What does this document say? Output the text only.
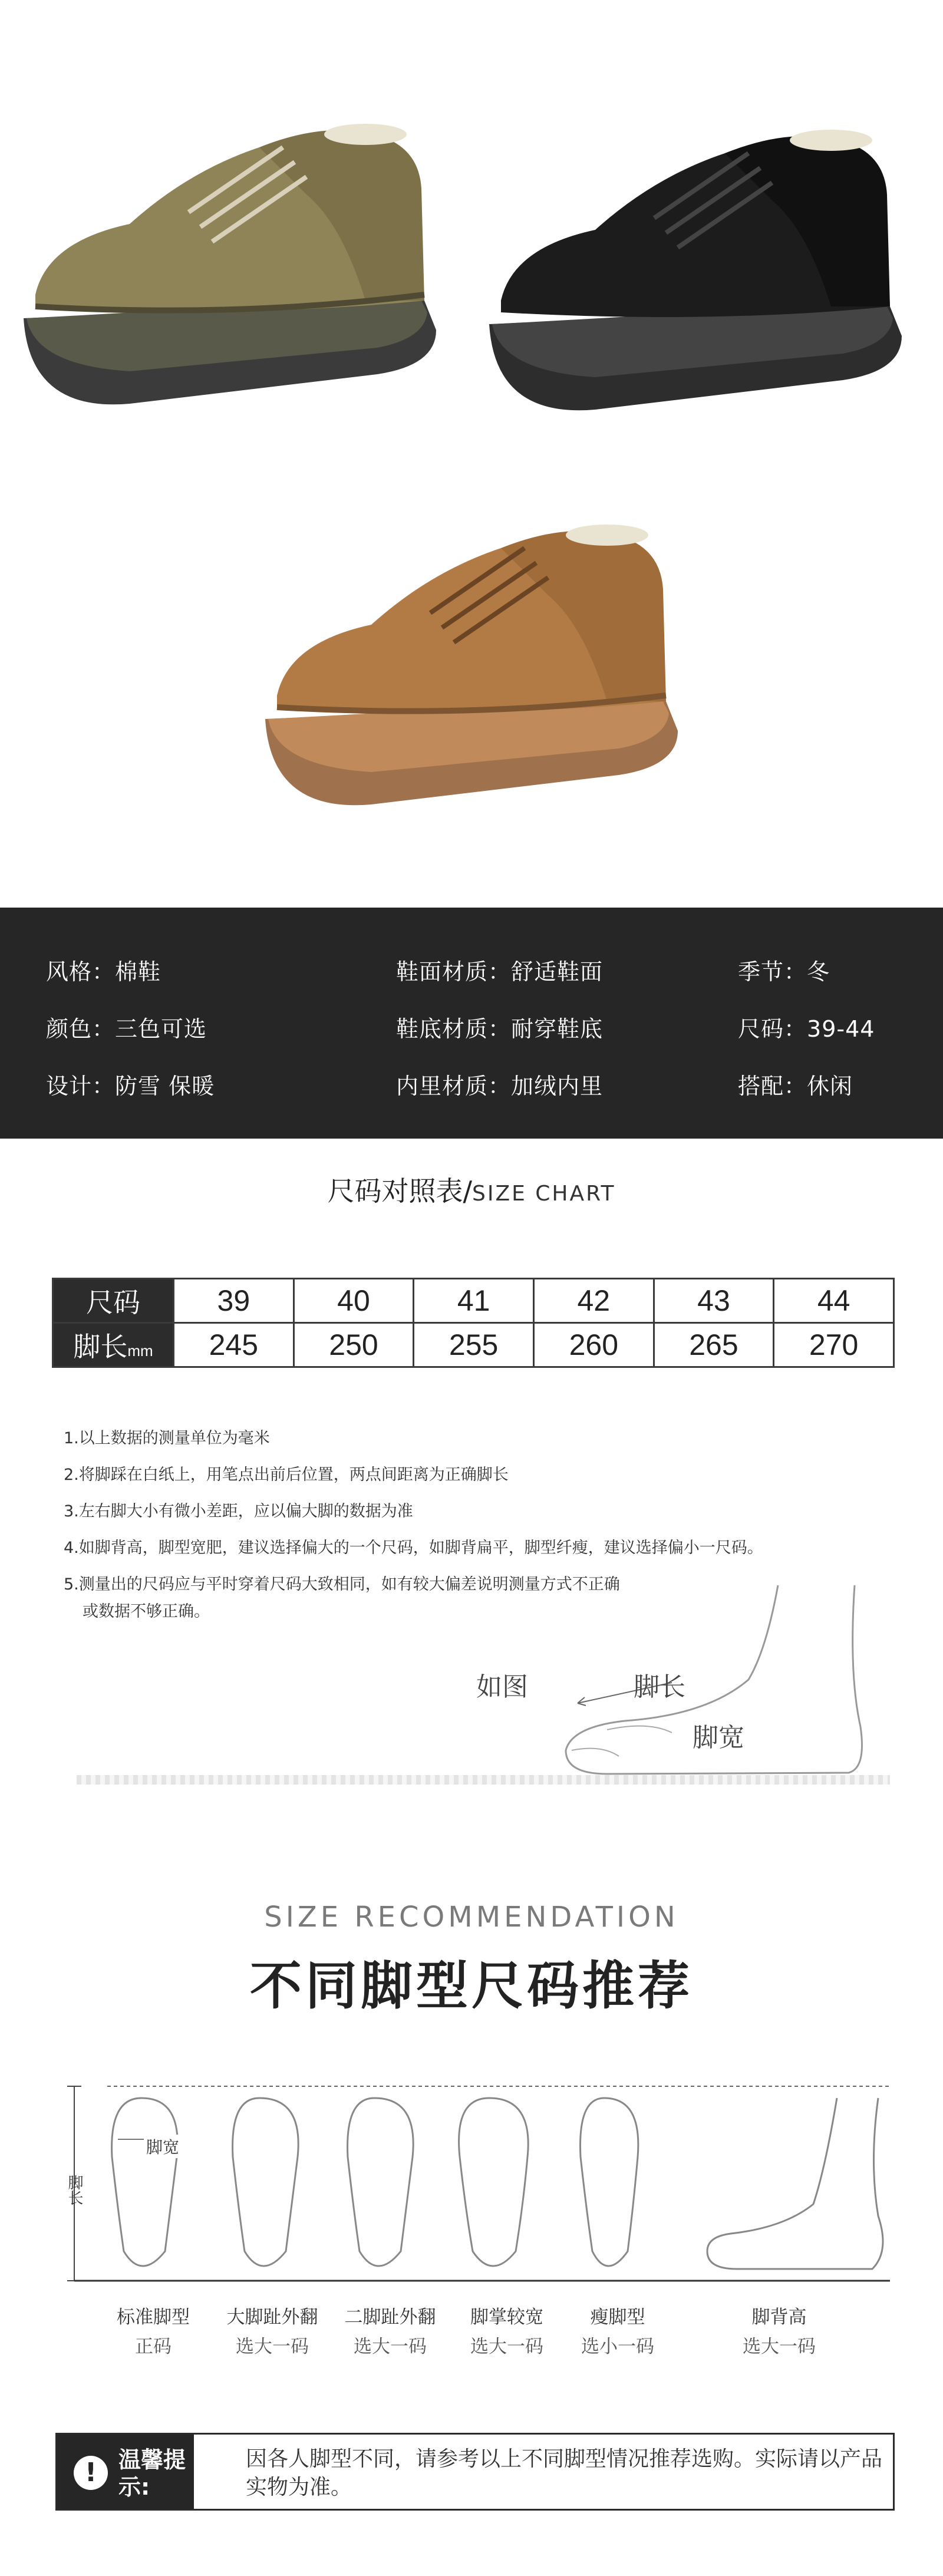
风格：棉鞋	鞋面材质：舒适鞋面	季节：冬
颜色：三色可选	鞋底材质：耐穿鞋底	尺码：39-44
设计：防雪 保暖	内里材质：加绒内里	搭配：休闲
尺码对照表/SIZE CHART
尺码	39	40	41	42	43	44
脚长mm	245	250	255	260	265	270
1.以上数据的测量单位为毫米
2.将脚踩在白纸上，用笔点出前后位置，两点间距离为正确脚长
3.左右脚大小有微小差距，应以偏大脚的数据为准
4.如脚背高，脚型宽肥，建议选择偏大的一个尺码，如脚背扁平，脚型纤瘦，建议选择偏小一尺码。
5.测量出的尺码应与平时穿着尺码大致相同，如有较大偏差说明测量方式不正确
或数据不够正确。
如图	脚长
脚宽
SIZE RECOMMENDATION
不同脚型尺码推荐
脚长
脚宽
标准脚型
正码
大脚趾外翻
选大一码
二脚趾外翻
选大一码
脚掌较宽
选大一码
瘦脚型
选小一码
脚背高
选大一码
! 温馨提示:
因各人脚型不同，请参考以上不同脚型情况推荐选购。实际请以产品实物为准。
